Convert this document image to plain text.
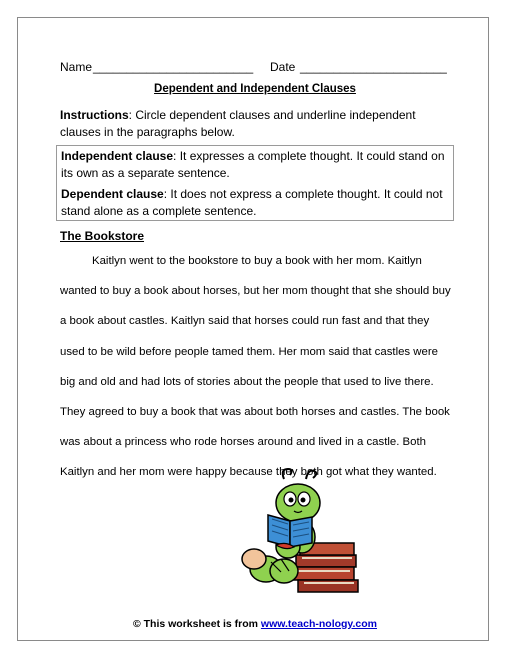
Name ________________________ Date ______________________
Dependent and Independent Clauses
Instructions: Circle dependent clauses and underline independent clauses in the paragraphs below.
Independent clause: It expresses a complete thought. It could stand on its own as a separate sentence.
Dependent clause: It does not express a complete thought. It could not stand alone as a complete sentence.
The Bookstore
Kaitlyn went to the bookstore to buy a book with her mom. Kaitlyn wanted to buy a book about horses, but her mom thought that she should buy a book about castles. Kaitlyn said that horses could run fast and that they used to be wild before people tamed them. Her mom said that castles were big and old and had lots of stories about the people that used to live there. They agreed to buy a book that was about both horses and castles. The book was about a princess who rode horses around and lived in a castle. Both Kaitlyn and her mom were happy because they both got what they wanted.
© This worksheet is from www.teach-nology.com
